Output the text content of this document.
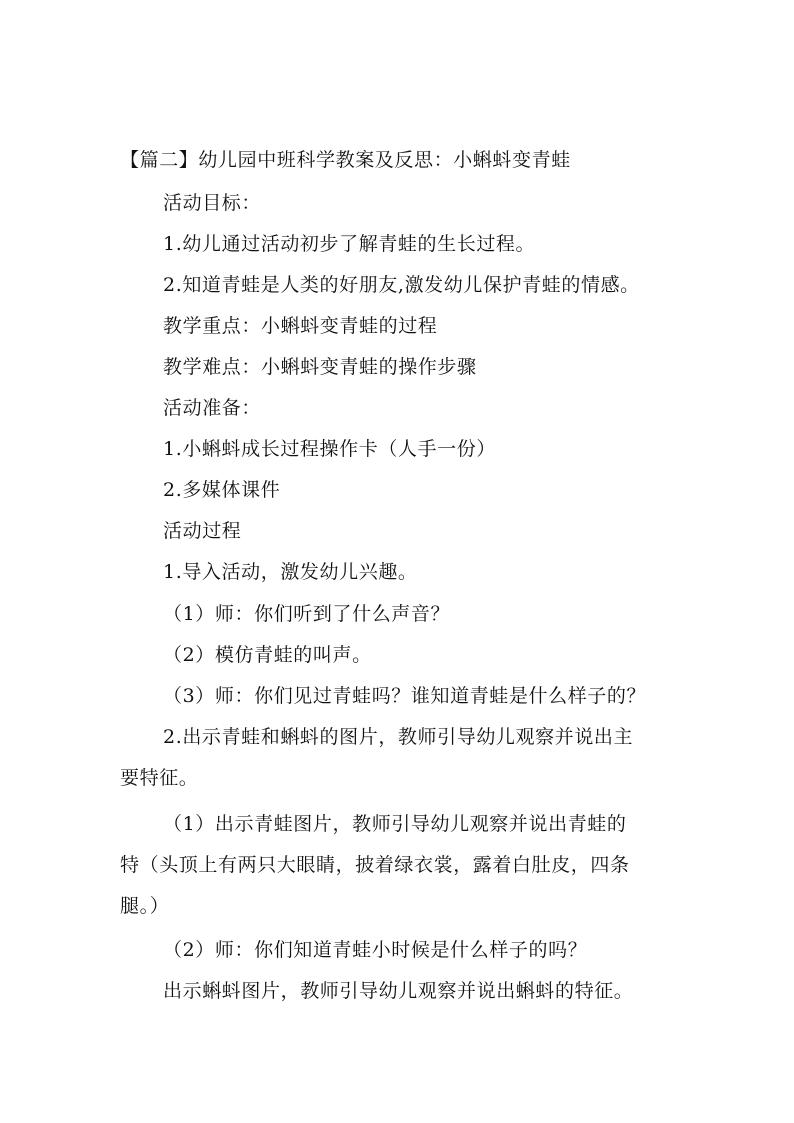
【篇二】幼儿园中班科学教案及反思：小蝌蚪变青蛙
活动目标：
1.幼儿通过活动初步了解青蛙的生长过程。
2.知道青蛙是人类的好朋友,激发幼儿保护青蛙的情感。
教学重点：小蝌蚪变青蛙的过程
教学难点：小蝌蚪变青蛙的操作步骤
活动准备：
1.小蝌蚪成长过程操作卡（人手一份）
2.多媒体课件
活动过程
1.导入活动，激发幼儿兴趣。
（1）师：你们听到了什么声音？
（2）模仿青蛙的叫声。
（3）师：你们见过青蛙吗？谁知道青蛙是什么样子的？
2.出示青蛙和蝌蚪的图片，教师引导幼儿观察并说出主
要特征。
（1）出示青蛙图片，教师引导幼儿观察并说出青蛙的
特（头顶上有两只大眼睛，披着绿衣裳，露着白肚皮，四条
腿。）
（2）师：你们知道青蛙小时候是什么样子的吗？
出示蝌蚪图片，教师引导幼儿观察并说出蝌蚪的特征。
